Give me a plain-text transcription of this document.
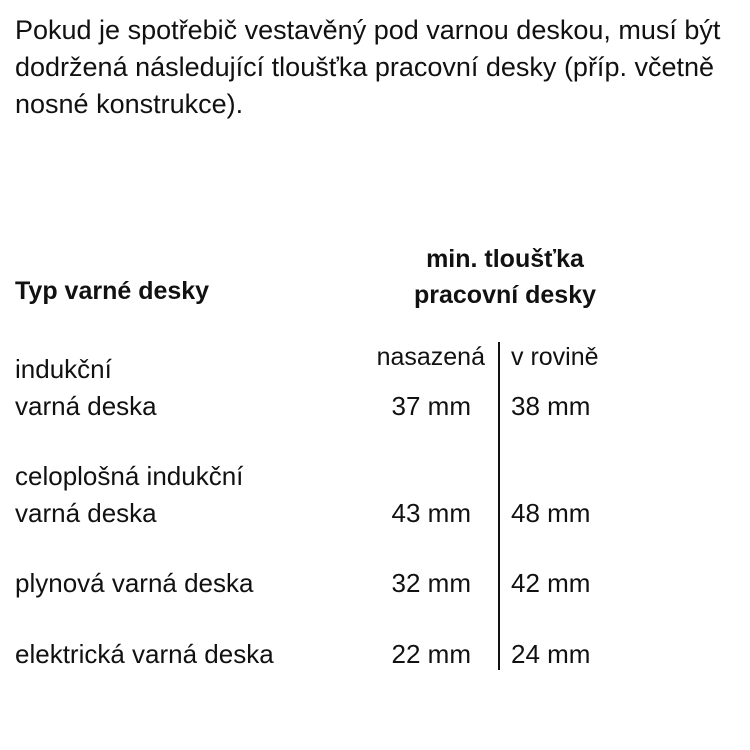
Pokud je spotřebič vestavěný pod varnou deskou, musí být dodržená následující tloušťka pracovní desky (příp. včetně nosné konstrukce).

Typ varné desky
min. tloušťka
pracovní desky
nasazená v rovině
indukční
varná deska	37 mm 38 mm
celoplošná indukční
varná deska	43 mm 48 mm
plynová varná deska	32 mm 42 mm
elektrická varná deska	22 mm 24 mm
